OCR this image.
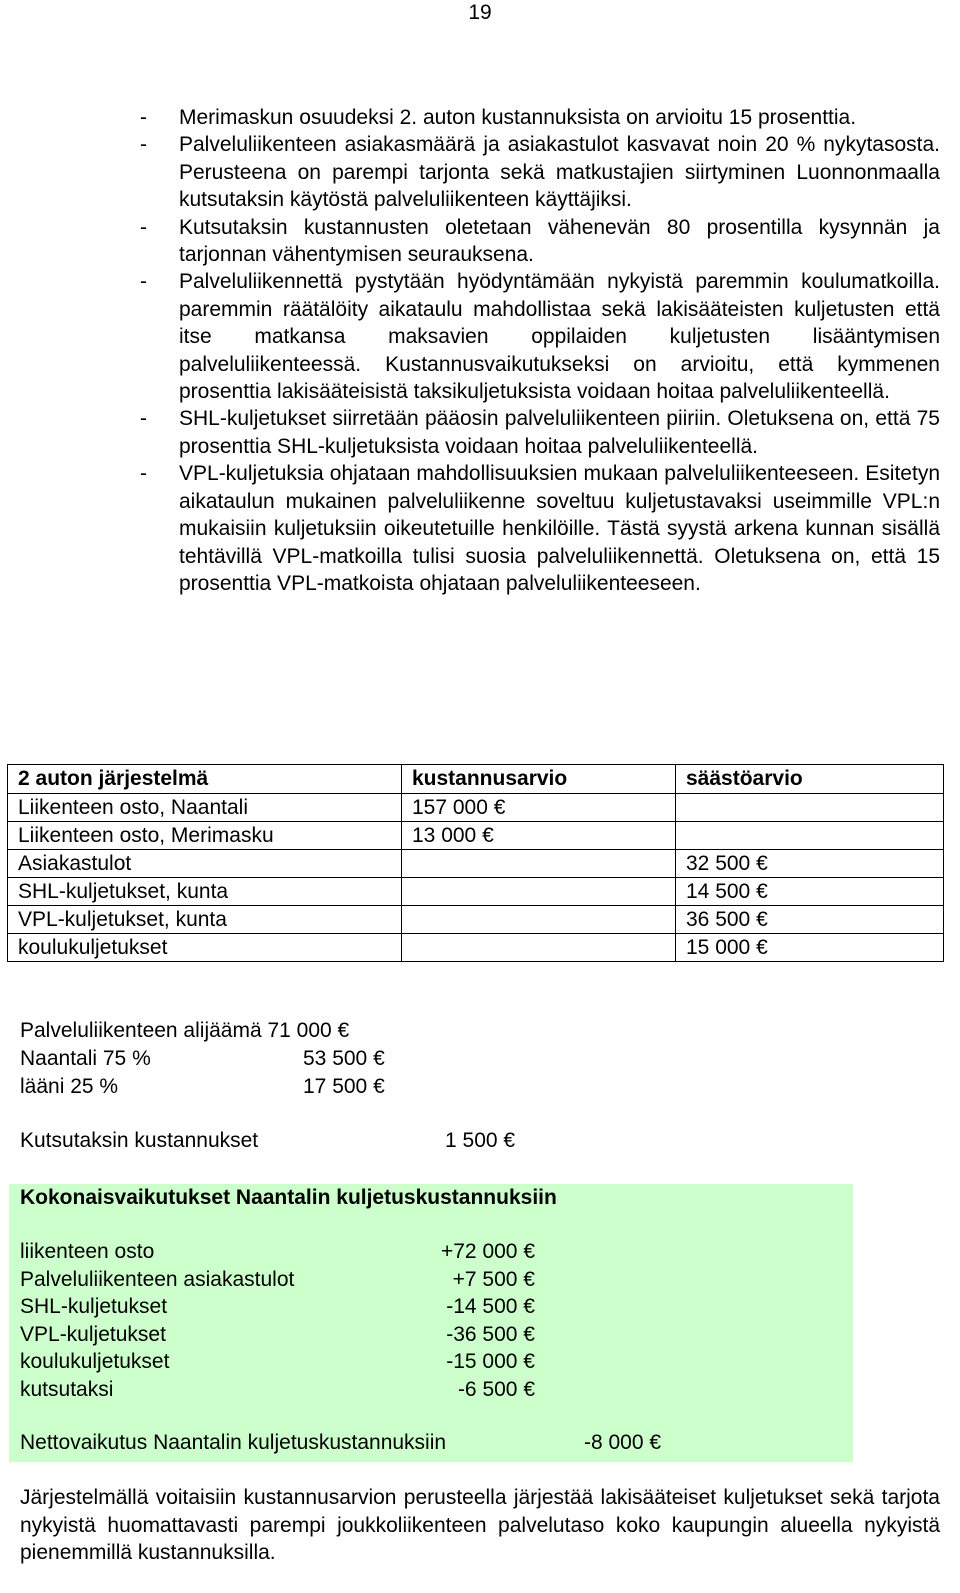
19
- Merimaskun osuudeksi 2. auton kustannuksista on arvioitu 15 prosenttia.
- Palveluliikenteen asiakasmäärä ja asiakastulot kasvavat noin 20 % nykytasosta. Perusteena on parempi tarjonta sekä matkustajien siirtyminen Luonnonmaalla kutsutaksin käytöstä palveluliikenteen käyttäjiksi.
- Kutsutaksin kustannusten oletetaan vähenevän 80 prosentilla kysynnän ja tarjonnan vähentymisen seurauksena.
- Palveluliikennettä pystytään hyödyntämään nykyistä paremmin koulumatkoilla. paremmin räätälöity aikataulu mahdollistaa sekä lakisääteisten kuljetusten että itse matkansa maksavien oppilaiden kuljetusten lisääntymisen palveluliikenteessä. Kustannusvaikutukseksi on arvioitu, että kymmenen prosenttia lakisääteisistä taksikuljetuksista voidaan hoitaa palveluliikenteellä.
- SHL-kuljetukset siirretään pääosin palveluliikenteen piiriin. Oletuksena on, että 75 prosenttia SHL-kuljetuksista voidaan hoitaa palveluliikenteellä.
- VPL-kuljetuksia ohjataan mahdollisuuksien mukaan palveluliikenteeseen. Esitetyn aikataulun mukainen palveluliikenne soveltuu kuljetustavaksi useimmille VPL:n mukaisiin kuljetuksiin oikeutetuille henkilöille. Tästä syystä arkena kunnan sisällä tehtävillä VPL-matkoilla tulisi suosia palveluliikennettä. Oletuksena on, että 15 prosenttia VPL-matkoista ohjataan palveluliikenteeseen.
2 auton järjestelmä	kustannusarvio	säästöarvio
Liikenteen osto, Naantali	157 000 €	
Liikenteen osto, Merimasku	13 000 €	
Asiakastulot		32 500 €
SHL-kuljetukset, kunta		14 500 €
VPL-kuljetukset, kunta		36 500 €
koulukuljetukset		15 000 €
Palveluliikenteen alijäämä 71 000 €
Naantali 75 %	53 500 €
lääni 25 %	17 500 €
Kutsutaksin kustannukset	1 500 €
Kokonaisvaikutukset Naantalin kuljetuskustannuksiin
liikenteen osto	+72 000 €
Palveluliikenteen asiakastulot	+7 500 €
SHL-kuljetukset	-14 500 €
VPL-kuljetukset	-36 500 €
koulukuljetukset	-15 000 €
kutsutaksi	-6 500 €
Nettovaikutus Naantalin kuljetuskustannuksiin	-8 000 €
Järjestelmällä voitaisiin kustannusarvion perusteella järjestää lakisääteiset kuljetukset sekä tarjota nykyistä huomattavasti parempi joukkoliikenteen palvelutaso koko kaupungin alueella nykyistä pienemmillä kustannuksilla.
